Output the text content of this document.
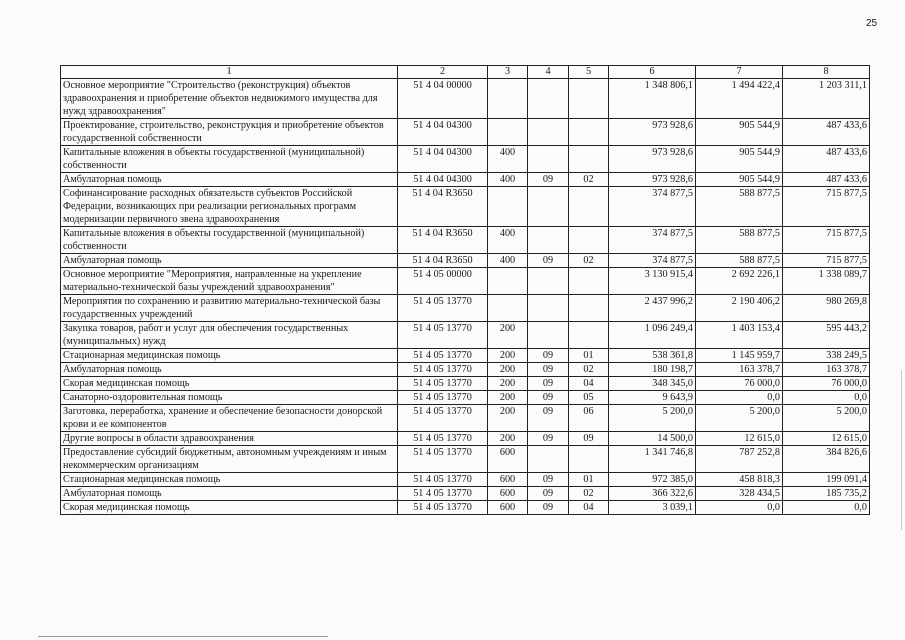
25
1	2	3	4	5	6	7	8
Основное мероприятие "Строительство (реконструкция) объектов здравоохранения и приобретение объектов недвижимого имущества для нужд здравоохранения"	51 4 04 00000				1 348 806,1	1 494 422,4	1 203 311,1
Проектирование, строительство, реконструкция и приобретение объектов государственной собственности	51 4 04 04300				973 928,6	905 544,9	487 433,6
Капитальные вложения в объекты государственной (муниципальной) собственности	51 4 04 04300	400			973 928,6	905 544,9	487 433,6
Амбулаторная помощь	51 4 04 04300	400	09	02	973 928,6	905 544,9	487 433,6
Софинансирование расходных обязательств субъектов Российской Федерации, возникающих при реализации региональных программ модернизации первичного звена здравоохранения	51 4 04 R3650				374 877,5	588 877,5	715 877,5
Капитальные вложения в объекты государственной (муниципальной) собственности	51 4 04 R3650	400			374 877,5	588 877,5	715 877,5
Амбулаторная помощь	51 4 04 R3650	400	09	02	374 877,5	588 877,5	715 877,5
Основное мероприятие "Мероприятия, направленные на укрепление материально-технической базы учреждений здравоохранения"	51 4 05 00000				3 130 915,4	2 692 226,1	1 338 089,7
Мероприятия по сохранению и развитию материально-технической базы государственных учреждений	51 4 05 13770				2 437 996,2	2 190 406,2	980 269,8
Закупка товаров, работ и услуг для обеспечения государственных (муниципальных) нужд	51 4 05 13770	200			1 096 249,4	1 403 153,4	595 443,2
Стационарная медицинская помощь	51 4 05 13770	200	09	01	538 361,8	1 145 959,7	338 249,5
Амбулаторная помощь	51 4 05 13770	200	09	02	180 198,7	163 378,7	163 378,7
Скорая медицинская помощь	51 4 05 13770	200	09	04	348 345,0	76 000,0	76 000,0
Санаторно-оздоровительная помощь	51 4 05 13770	200	09	05	9 643,9	0,0	0,0
Заготовка, переработка, хранение и обеспечение безопасности донорской крови и ее компонентов	51 4 05 13770	200	09	06	5 200,0	5 200,0	5 200,0
Другие вопросы в области здравоохранения	51 4 05 13770	200	09	09	14 500,0	12 615,0	12 615,0
Предоставление субсидий бюджетным, автономным учреждениям и иным некоммерческим организациям	51 4 05 13770	600			1 341 746,8	787 252,8	384 826,6
Стационарная медицинская помощь	51 4 05 13770	600	09	01	972 385,0	458 818,3	199 091,4
Амбулаторная помощь	51 4 05 13770	600	09	02	366 322,6	328 434,5	185 735,2
Скорая медицинская помощь	51 4 05 13770	600	09	04	3 039,1	0,0	0,0
